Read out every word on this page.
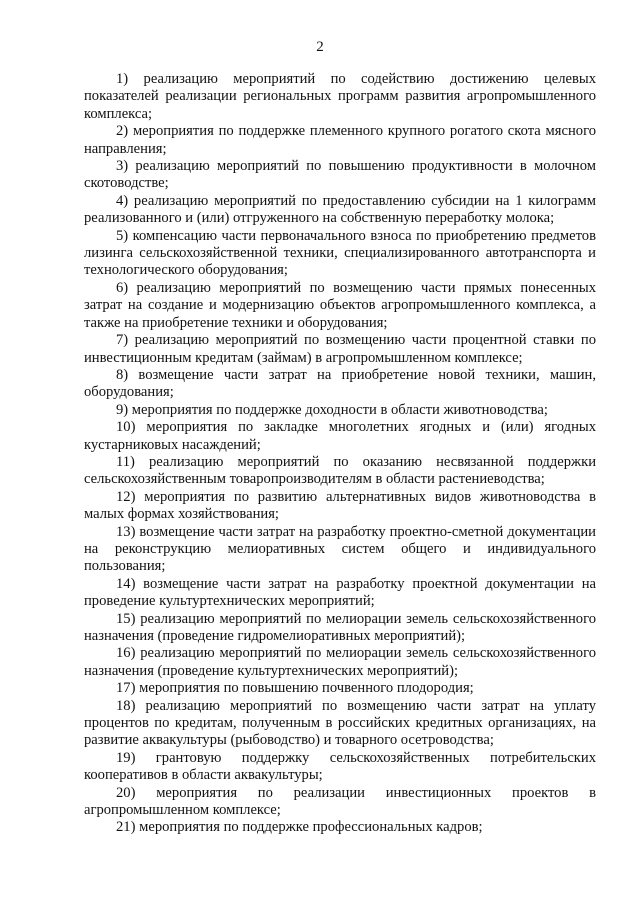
2

1) реализацию мероприятий по содействию достижению целевых показателей реализации региональных программ развития агропромышленного комплекса;

2) мероприятия по поддержке племенного крупного рогатого скота мясного направления;

3) реализацию мероприятий по повышению продуктивности в молочном скотоводстве;

4) реализацию мероприятий по предоставлению субсидии на 1 килограмм реализованного и (или) отгруженного на собственную переработку молока;

5) компенсацию части первоначального взноса по приобретению предметов лизинга сельскохозяйственной техники, специализированного автотранспорта и технологического оборудования;

6) реализацию мероприятий по возмещению части прямых понесенных затрат на создание и модернизацию объектов агропромышленного комплекса, а также на приобретение техники и оборудования;

7) реализацию мероприятий по возмещению части процентной ставки по инвестиционным кредитам (займам) в агропромышленном комплексе;

8) возмещение части затрат на приобретение новой техники, машин, оборудования;

9) мероприятия по поддержке доходности в области животноводства;

10) мероприятия по закладке многолетних ягодных и (или) ягодных кустарниковых насаждений;

11) реализацию мероприятий по оказанию несвязанной поддержки сельскохозяйственным товаропроизводителям в области растениеводства;

12) мероприятия по развитию альтернативных видов животноводства в малых формах хозяйствования;

13) возмещение части затрат на разработку проектно-сметной документации на реконструкцию мелиоративных систем общего и индивидуального пользования;

14) возмещение части затрат на разработку проектной документации на проведение культуртехнических мероприятий;

15) реализацию мероприятий по мелиорации земель сельскохозяйственного назначения (проведение гидромелиоративных мероприятий);

16) реализацию мероприятий по мелиорации земель сельскохозяйственного назначения (проведение культуртехнических мероприятий);

17) мероприятия по повышению почвенного плодородия;

18) реализацию мероприятий по возмещению части затрат на уплату процентов по кредитам, полученным в российских кредитных организациях, на развитие аквакультуры (рыбоводство) и товарного осетроводства;

19) грантовую поддержку сельскохозяйственных потребительских кооперативов в области аквакультуры;

20) мероприятия по реализации инвестиционных проектов в агропромышленном комплексе;

21) мероприятия по поддержке профессиональных кадров;
